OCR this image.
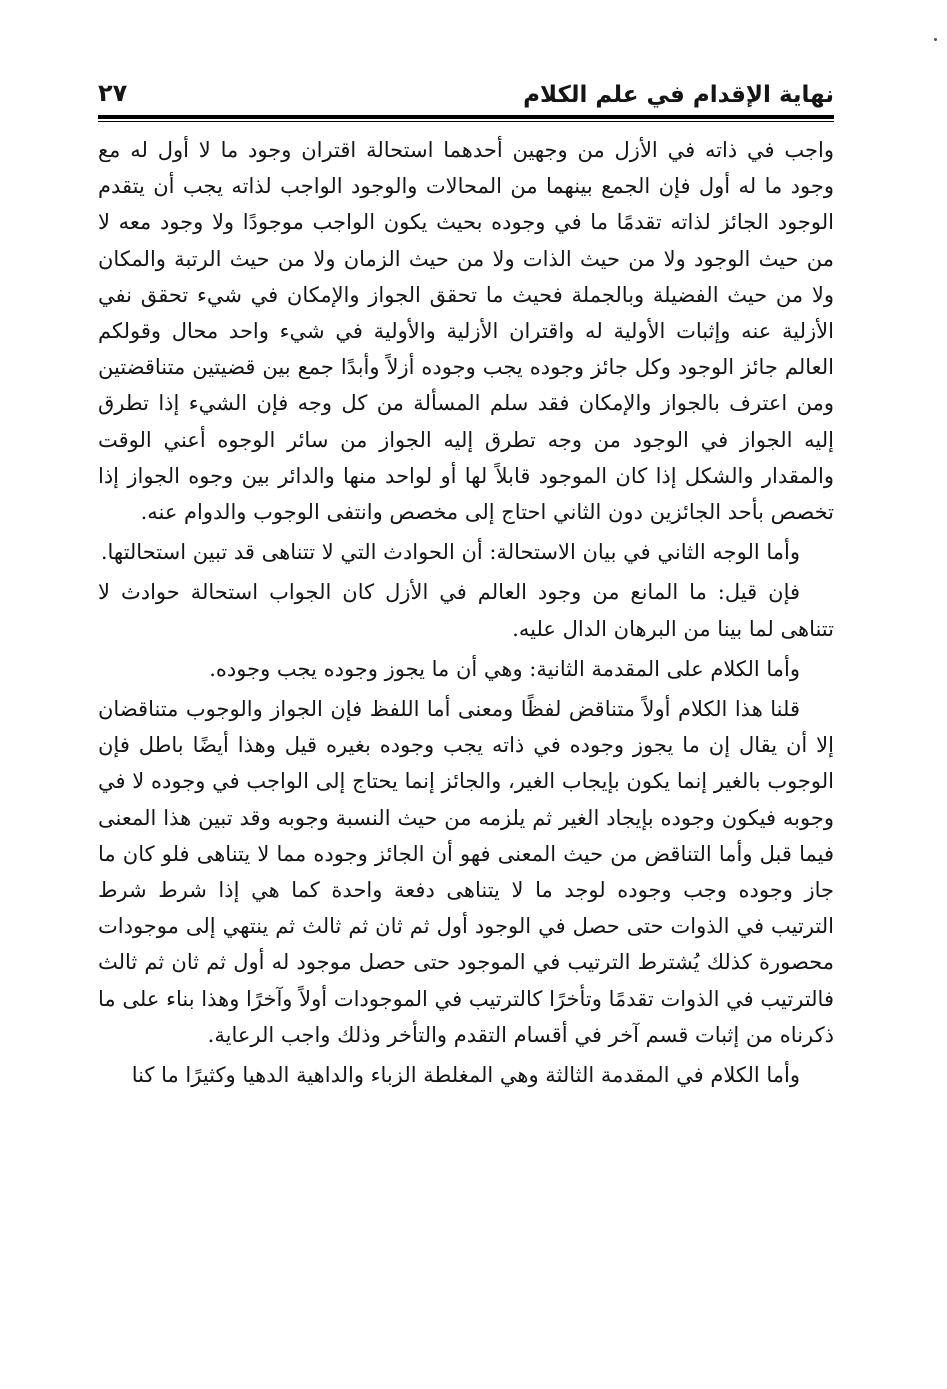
نهاية الإقدام في علم الكلام
٢٧

واجب في ذاته في الأزل من وجهين أحدهما استحالة اقتران وجود ما لا أول له مع وجود ما له أول فإن الجمع بينهما من المحالات والوجود الواجب لذاته يجب أن يتقدم الوجود الجائز لذاته تقدمًا ما في وجوده بحيث يكون الواجب موجودًا ولا وجود معه لا من حيث الوجود ولا من حيث الذات ولا من حيث الزمان ولا من حيث الرتبة والمكان ولا من حيث الفضيلة وبالجملة فحيث ما تحقق الجواز والإمكان في شيء تحقق نفي الأزلية عنه وإثبات الأولية له واقتران الأزلية والأولية في شيء واحد محال وقولكم العالم جائز الوجود وكل جائز وجوده يجب وجوده أزلاً وأبدًا جمع بين قضيتين متناقضتين ومن اعترف بالجواز والإمكان فقد سلم المسألة من كل وجه فإن الشيء إذا تطرق إليه الجواز في الوجود من وجه تطرق إليه الجواز من سائر الوجوه أعني الوقت والمقدار والشكل إذا كان الموجود قابلاً لها أو لواحد منها والدائر بين وجوه الجواز إذا تخصص بأحد الجائزين دون الثاني احتاج إلى مخصص وانتفى الوجوب والدوام عنه.

وأما الوجه الثاني في بيان الاستحالة: أن الحوادث التي لا تتناهى قد تبين استحالتها.

فإن قيل: ما المانع من وجود العالم في الأزل كان الجواب استحالة حوادث لا تتناهى لما بينا من البرهان الدال عليه.

وأما الكلام على المقدمة الثانية: وهي أن ما يجوز وجوده يجب وجوده.

قلنا هذا الكلام أولاً متناقض لفظًا ومعنى أما اللفظ فإن الجواز والوجوب متناقضان إلا أن يقال إن ما يجوز وجوده في ذاته يجب وجوده بغيره قيل وهذا أيضًا باطل فإن الوجوب بالغير إنما يكون بإيجاب الغير، والجائز إنما يحتاج إلى الواجب في وجوده لا في وجوبه فيكون وجوده بإيجاد الغير ثم يلزمه من حيث النسبة وجوبه وقد تبين هذا المعنى فيما قبل وأما التناقض من حيث المعنى فهو أن الجائز وجوده مما لا يتناهى فلو كان ما جاز وجوده وجب وجوده لوجد ما لا يتناهى دفعة واحدة كما هي إذا شرط شرط الترتيب في الذوات حتى حصل في الوجود أول ثم ثان ثم ثالث ثم ينتهي إلى موجودات محصورة كذلك يُشترط الترتيب في الموجود حتى حصل موجود له أول ثم ثان ثم ثالث فالترتيب في الذوات تقدمًا وتأخرًا كالترتيب في الموجودات أولاً وآخرًا وهذا بناء على ما ذكرناه من إثبات قسم آخر في أقسام التقدم والتأخر وذلك واجب الرعاية.

وأما الكلام في المقدمة الثالثة وهي المغلطة الزباء والداهية الدهيا وكثيرًا ما كنا
